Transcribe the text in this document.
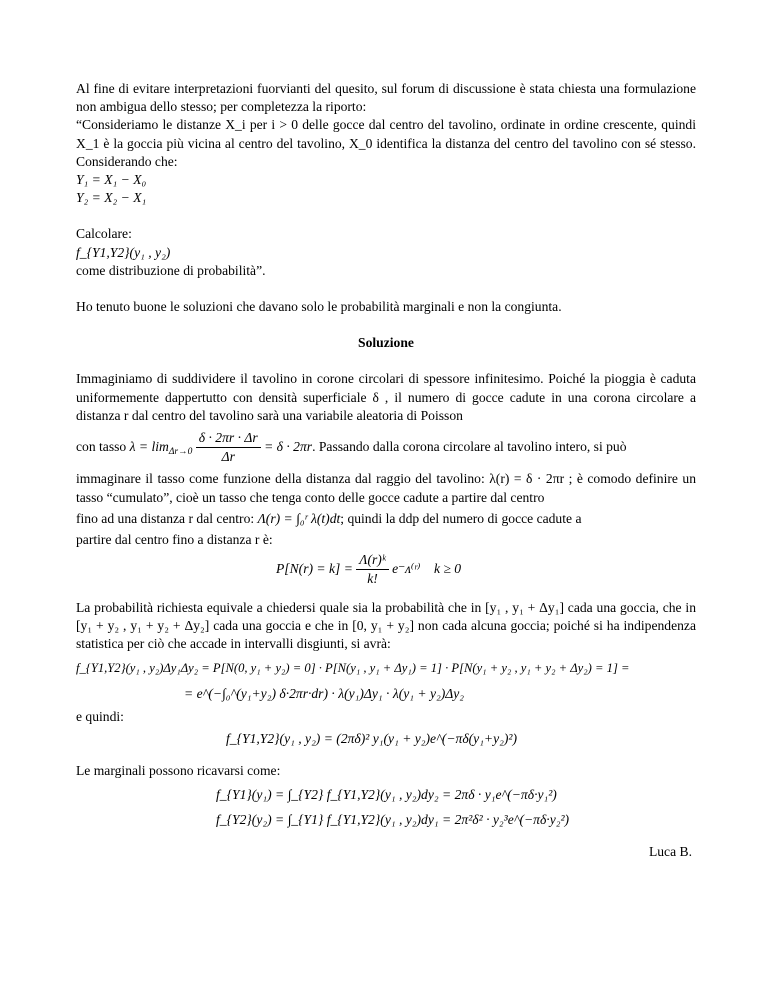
Al fine di evitare interpretazioni fuorvianti del quesito, sul forum di discussione è stata chiesta una formulazione non ambigua dello stesso; per completezza la riporto:

“Consideriamo le distanze X_i per i > 0 delle gocce dal centro del tavolino, ordinate in ordine crescente, quindi X_1 è la goccia più vicina al centro del tavolino, X_0 identifica la distanza del centro del tavolino con sé stesso. Considerando che:

Y₁ = X₁ − X₀

Y₂ = X₂ − X₁

Calcolare:

f_{Y1,Y2}(y₁ , y₂)

come distribuzione di probabilità”.

Ho tenuto buone le soluzioni che davano solo le probabilità marginali e non la congiunta.

Soluzione

Immaginiamo di suddividere il tavolino in corone circolari di spessore infinitesimo. Poiché la pioggia è caduta uniformemente dappertutto con densità superficiale δ , il numero di gocce cadute in una corona circolare a distanza r dal centro del tavolino sarà una variabile aleatoria di Poisson

con tasso $\lambda = \lim_{\Delta r\to 0} \frac{\delta \cdot 2\pi r \cdot \Delta r}{\Delta r} = \delta \cdot 2\pi r$. Passando dalla corona circolare al tavolino intero, si può

immaginare il tasso come funzione della distanza dal raggio del tavolino: λ(r) = δ · 2πr ; è comodo definire un tasso “cumulato”, cioè un tasso che tenga conto delle gocce cadute a partire dal centro

fino ad una distanza r dal centro: Λ(r) = ∫₀ʳ λ(t)dt; quindi la ddp del numero di gocce cadute a

partire dal centro fino a distanza r è:

$P[N(r) = k] = \frac{\text{Λ(r)ᵏ}}{k!}$ e⁻ᴧ⁽ʳ⁾ k ≥ 0

La probabilità richiesta equivale a chiedersi quale sia la probabilità che in [y₁ , y₁ + Δy₁] cada una goccia, che in [y₁ + y₂ , y₁ + y₂ + Δy₂] cada una goccia e che in [0, y₁ + y₂] non cada alcuna goccia; poiché si ha indipendenza statistica per ciò che accade in intervalli disgiunti, si avrà:

f_{Y1,Y2}(y₁ , y₂)Δy₁Δy₂ = P[N(0, y₁ + y₂) = 0] · P[N(y₁ , y₁ + Δy₁) = 1] · P[N(y₁ + y₂ , y₁ + y₂ + Δy₂) = 1] =

= e^(−∫₀^(y₁+y₂) δ·2πr·dr) · λ(y₁)Δy₁ · λ(y₁ + y₂)Δy₂

e quindi:

f_{Y1,Y2}(y₁ , y₂) = (2πδ)² y₁(y₁ + y₂)e^(−πδ(y₁+y₂)²)

Le marginali possono ricavarsi come:

f_{Y1}(y₁) = ∫_{Y2} f_{Y1,Y2}(y₁ , y₂)dy₂ = 2πδ · y₁e^(−πδ·y₁²)

f_{Y2}(y₂) = ∫_{Y1} f_{Y1,Y2}(y₁ , y₂)dy₁ = 2π²δ² · y₂³e^(−πδ·y₂²)

Luca B.
